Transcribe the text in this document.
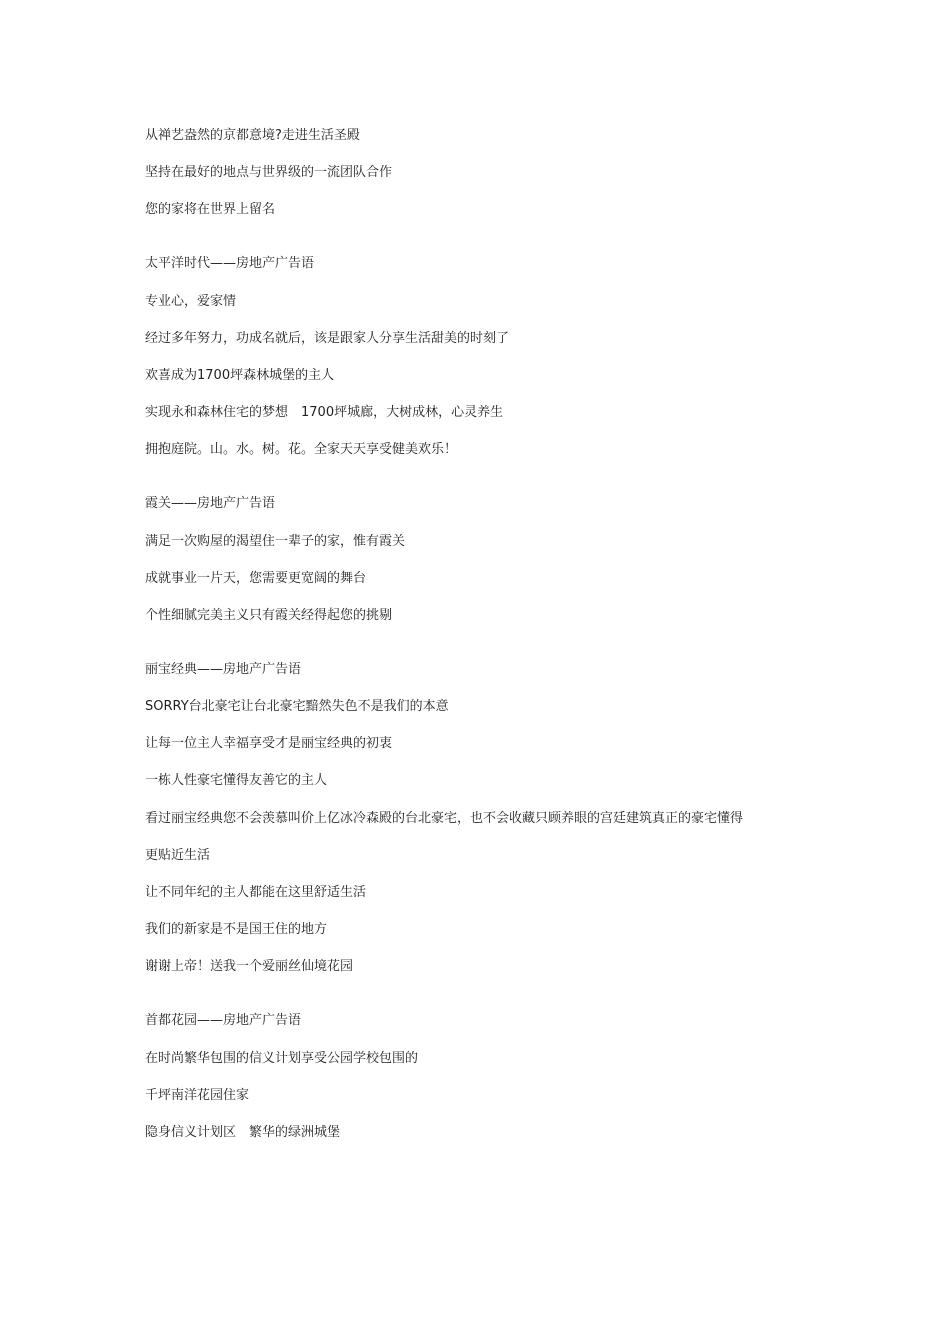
从禅艺盎然的京都意境?走进生活圣殿
坚持在最好的地点与世界级的一流团队合作
您的家将在世界上留名
太平洋时代——房地产广告语
专业心，爱家情
经过多年努力，功成名就后，该是跟家人分享生活甜美的时刻了
欢喜成为1700坪森林城堡的主人
实现永和森林住宅的梦想　1700坪城廊，大树成林，心灵养生
拥抱庭院。山。水。树。花。全家天天享受健美欢乐！
霞关——房地产广告语
满足一次购屋的渴望住一辈子的家，惟有霞关
成就事业一片天，您需要更宽阔的舞台
个性细腻完美主义只有霞关经得起您的挑剔
丽宝经典——房地产广告语
SORRY台北豪宅让台北豪宅黯然失色不是我们的本意
让每一位主人幸福享受才是丽宝经典的初衷
一栋人性豪宅懂得友善它的主人
看过丽宝经典您不会羡慕叫价上亿冰冷森殿的台北豪宅，也不会收藏只顾养眼的宫廷建筑真正的豪宅懂得
更贴近生活
让不同年纪的主人都能在这里舒适生活
我们的新家是不是国王住的地方
谢谢上帝！送我一个爱丽丝仙境花园
首都花园——房地产广告语
在时尚繁华包围的信义计划享受公园学校包围的
千坪南洋花园住家
隐身信义计划区　繁华的绿洲城堡
